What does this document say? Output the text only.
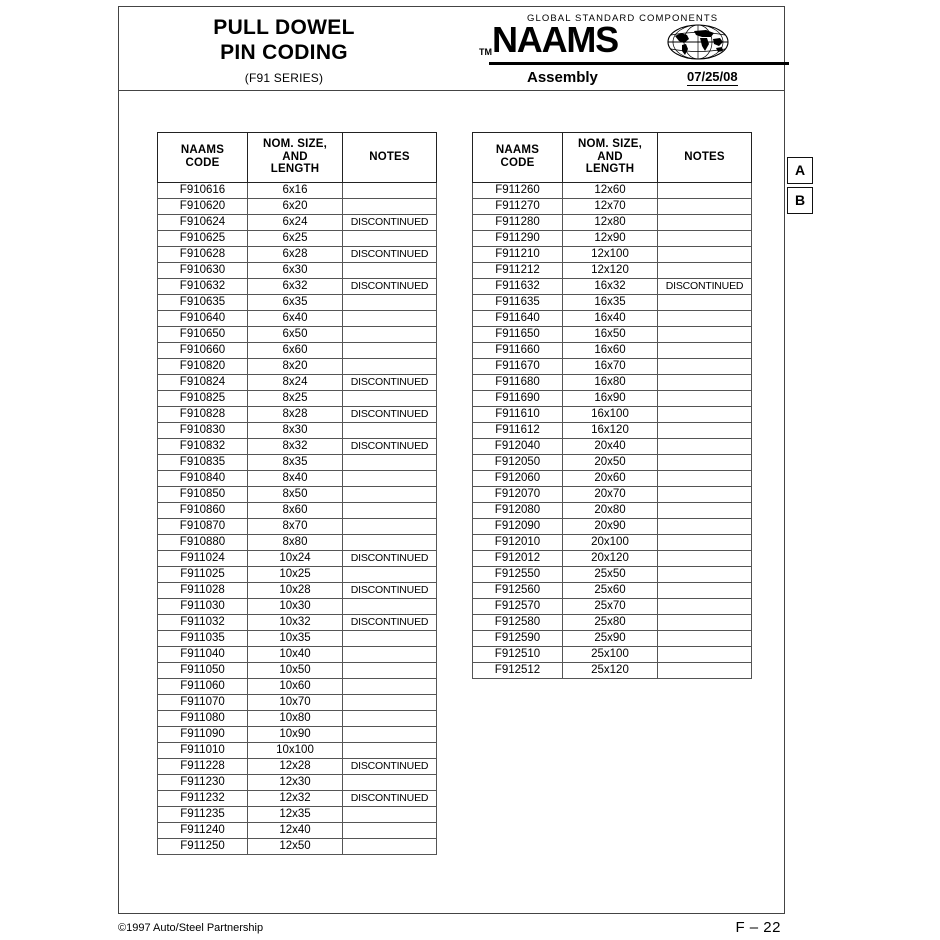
PULL DOWEL
PIN CODING
(F91 SERIES)
GLOBAL STANDARD COMPONENTS
TM NAAMS
Assembly	07/25/08
NAAMS
CODE	NOM. SIZE,
AND
LENGTH	NOTES
F910616	6x16	
F910620	6x20	
F910624	6x24	DISCONTINUED
F910625	6x25	
F910628	6x28	DISCONTINUED
F910630	6x30	
F910632	6x32	DISCONTINUED
F910635	6x35	
F910640	6x40	
F910650	6x50	
F910660	6x60	
F910820	8x20	
F910824	8x24	DISCONTINUED
F910825	8x25	
F910828	8x28	DISCONTINUED
F910830	8x30	
F910832	8x32	DISCONTINUED
F910835	8x35	
F910840	8x40	
F910850	8x50	
F910860	8x60	
F910870	8x70	
F910880	8x80	
F911024	10x24	DISCONTINUED
F911025	10x25	
F911028	10x28	DISCONTINUED
F911030	10x30	
F911032	10x32	DISCONTINUED
F911035	10x35	
F911040	10x40	
F911050	10x50	
F911060	10x60	
F911070	10x70	
F911080	10x80	
F911090	10x90	
F911010	10x100	
F911228	12x28	DISCONTINUED
F911230	12x30	
F911232	12x32	DISCONTINUED
F911235	12x35	
F911240	12x40	
F911250	12x50	
NAAMS
CODE	NOM. SIZE,
AND
LENGTH	NOTES
F911260	12x60	
F911270	12x70	
F911280	12x80	
F911290	12x90	
F911210	12x100	
F911212	12x120	
F911632	16x32	DISCONTINUED
F911635	16x35	
F911640	16x40	
F911650	16x50	
F911660	16x60	
F911670	16x70	
F911680	16x80	
F911690	16x90	
F911610	16x100	
F911612	16x120	
F912040	20x40	
F912050	20x50	
F912060	20x60	
F912070	20x70	
F912080	20x80	
F912090	20x90	
F912010	20x100	
F912012	20x120	
F912550	25x50	
F912560	25x60	
F912570	25x70	
F912580	25x80	
F912590	25x90	
F912510	25x100	
F912512	25x120	
A
B
©1997 Auto/Steel Partnership	F – 22
